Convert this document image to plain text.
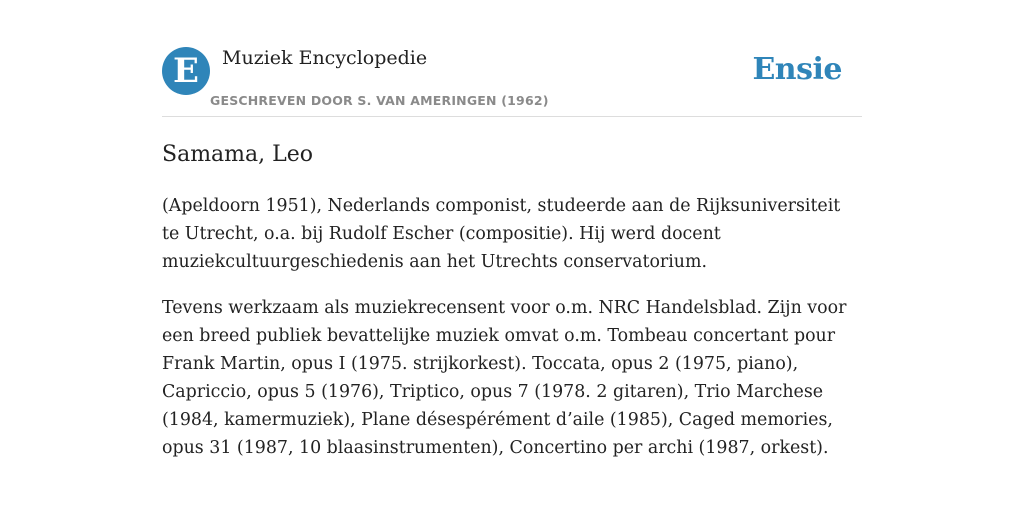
E	Muziek Encyclopedie
GESCHREVEN DOOR S. VAN AMERINGEN (1962)
Ensie
Samama, Leo

(Apeldoorn 1951), Nederlands componist, studeerde aan de Rijksuniversiteit te Utrecht, o.a. bij Rudolf Escher (compositie). Hij werd docent muziekcultuurgeschiedenis aan het Utrechts conservatorium.

Tevens werkzaam als muziekrecensent voor o.m. NRC Handelsblad. Zijn voor een breed publiek bevattelijke muziek omvat o.m. Tombeau concertant pour Frank Martin, opus I (1975. strijkorkest). Toccata, opus 2 (1975, piano), Capriccio, opus 5 (1976), Triptico, opus 7 (1978. 2 gitaren), Trio Marchese (1984, kamermuziek), Plane désespérément d’aile (1985), Caged memories, opus 31 (1987, 10 blaasinstrumenten), Concertino per archi (1987, orkest).
